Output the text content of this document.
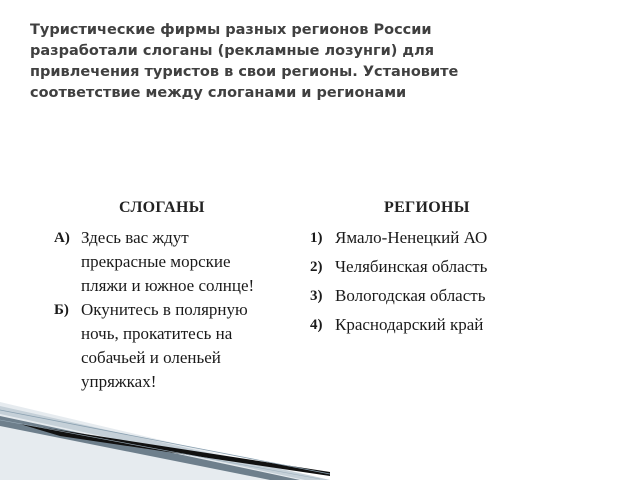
Туристические фирмы разных регионов России
разработали слоганы (рекламные лозунги) для
привлечения туристов в свои регионы. Установите
соответствие между слоганами и регионами
СЛОГАНЫ	РЕГИОНЫ
А) Здесь вас ждут
прекрасные морские
пляжи и южное солнце!
Б) Окунитесь в полярную
ночь, прокатитесь на
собачьей и оленьей
упряжках!
1) Ямало-Ненецкий АО
2) Челябинская область
3) Вологодская область
4) Краснодарский край
